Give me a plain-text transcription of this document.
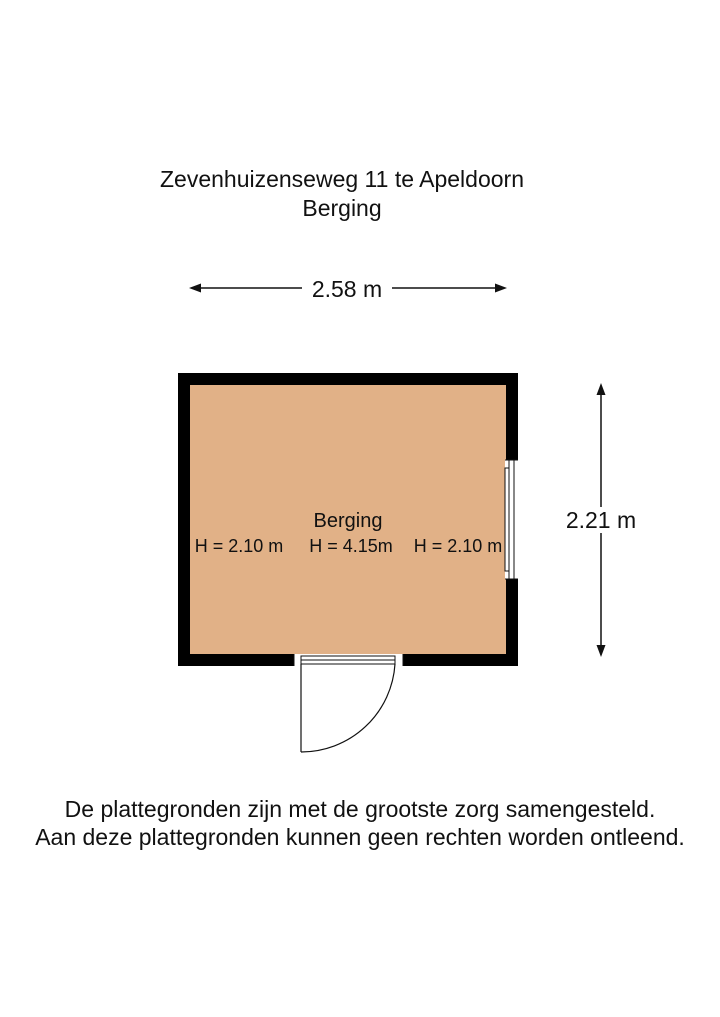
Zevenhuizenseweg 11 te Apeldoorn
Berging
2.58 m
2.21 m
Berging
H = 2.10 m H = 4.15m H = 2.10 m
De plattegronden zijn met de grootste zorg samengesteld.
Aan deze plattegronden kunnen geen rechten worden ontleend.
